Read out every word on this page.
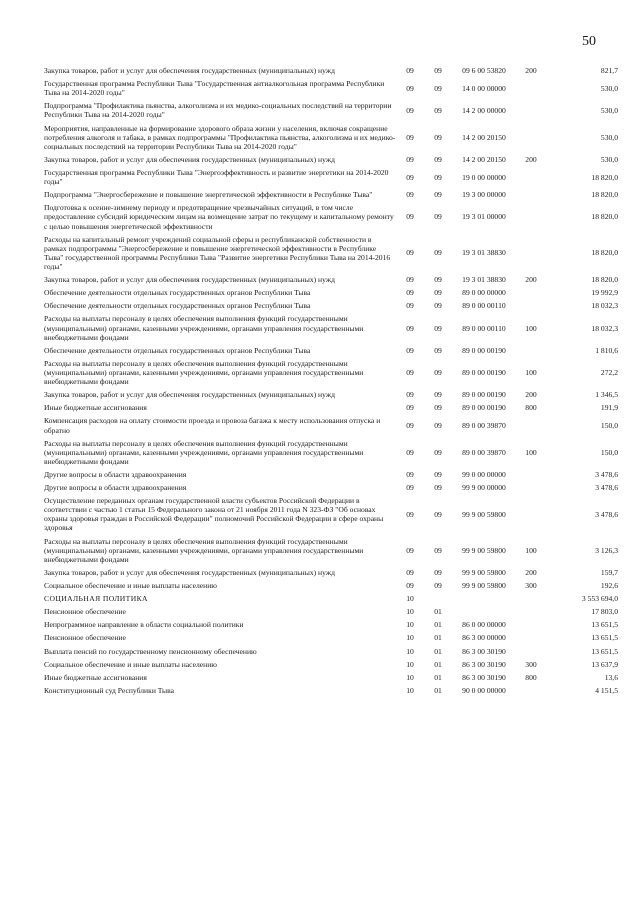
50
Закупка товаров, работ и услуг для обеспечения государственных (муниципальных) нужд	09	09	09 6 00 53820	200	821,7
Государственная программа Республики Тыва "Государственная антиалкогольная программа Республики Тыва на 2014-2020 годы"	09	09	14 0 00 00000		530,0
Подпрограмма "Профилактика пьянства, алкоголизма и их медико-социальных последствий на территории Республики Тыва на 2014-2020 годы"	09	09	14 2 00 00000		530,0
Мероприятия, направленные на формирование здорового образа жизни у населения, включая сокращение потребления алкоголя и табака, в рамках подпрограммы "Профилактика пьянства, алкоголизма и их медико-социальных последствий на территории Республики Тыва на 2014-2020 годы"	09	09	14 2 00 20150		530,0
Закупка товаров, работ и услуг для обеспечения государственных (муниципальных) нужд	09	09	14 2 00 20150	200	530,0
Государственная программа Республики Тыва "Энергоэффективность и развитие энергетики на 2014-2020 годы"	09	09	19 0 00 00000		18 820,0
Подпрограмма "Энергосбережение и повышение энергетической эффективности в Республике Тыва"	09	09	19 3 00 00000		18 820,0
Подготовка к осенне-зимнему периоду и предотвращение чрезвычайных ситуаций, в том числе предоставление субсидий юридическим лицам на возмещение затрат по текущему и капитальному ремонту с целью повышения энергетической эффективности	09	09	19 3 01 00000		18 820,0
Расходы на капитальный ремонт учреждений социальной сферы и республиканской собственности в рамках подпрограммы "Энергосбережение и повышение энергетической эффективности в Республике Тыва" государственной программы Республики Тыва "Развитие энергетики Республики Тыва на 2014-2016 годы"	09	09	19 3 01 38830		18 820,0
Закупка товаров, работ и услуг для обеспечения государственных (муниципальных) нужд	09	09	19 3 01 38830	200	18 820,0
Обеспечение деятельности отдельных государственных органов Республики Тыва	09	09	89 0 00 00000		19 992,9
Обеспечение деятельности отдельных государственных органов Республики Тыва	09	09	89 0 00 00110		18 032,3
Расходы на выплаты персоналу в целях обеспечения выполнения функций государственными (муниципальными) органами, казенными учреждениями, органами управления государственными внебюджетными фондами	09	09	89 0 00 00110	100	18 032,3
Обеспечение деятельности отдельных государственных органов Республики Тыва	09	09	89 0 00 00190		1 810,6
Расходы на выплаты персоналу в целях обеспечения выполнения функций государственными (муниципальными) органами, казенными учреждениями, органами управления государственными внебюджетными фондами	09	09	89 0 00 00190	100	272,2
Закупка товаров, работ и услуг для обеспечения государственных (муниципальных) нужд	09	09	89 0 00 00190	200	1 346,5
Иные бюджетные ассигнования	09	09	89 0 00 00190	800	191,9
Компенсация расходов на оплату стоимости проезда и провоза багажа к месту использования отпуска и обратно	09	09	89 0 00 39870		150,0
Расходы на выплаты персоналу в целях обеспечения выполнения функций государственными (муниципальными) органами, казенными учреждениями, органами управления государственными внебюджетными фондами	09	09	89 0 00 39870	100	150,0
Другие вопросы в области здравоохранения	09	09	99 0 00 00000		3 478,6
Другие вопросы в области здравоохранения	09	09	99 9 00 00000		3 478,6
Осуществление переданных органам государственной власти субъектов Российской Федерации в соответствии с частью 1 статьи 15 Федерального закона от 21 ноября 2011 года N 323-ФЗ "Об основах охраны здоровья граждан в Российской Федерации" полномочий Российской Федерации в сфере охраны здоровья	09	09	99 9 00 59800		3 478,6
Расходы на выплаты персоналу в целях обеспечения выполнения функций государственными (муниципальными) органами, казенными учреждениями, органами управления государственными внебюджетными фондами	09	09	99 9 00 59800	100	3 126,3
Закупка товаров, работ и услуг для обеспечения государственных (муниципальных) нужд	09	09	99 9 00 59800	200	159,7
Социальное обеспечение и иные выплаты населению	09	09	99 9 00 59800	300	192,6
СОЦИАЛЬНАЯ ПОЛИТИКА	10				3 553 694,0
Пенсионное обеспечение	10	01			17 803,0
Непрограммное направление в области социальной политики	10	01	86 0 00 00000		13 651,5
Пенсионное обеспечение	10	01	86 3 00 00000		13 651,5
Выплата пенсий по государственному пенсионному обеспечению	10	01	86 3 00 30190		13 651,5
Социальное обеспечение и иные выплаты населению	10	01	86 3 00 30190	300	13 637,9
Иные бюджетные ассигнования	10	01	86 3 00 30190	800	13,6
Конституционный суд Республики Тыва	10	01	90 0 00 00000		4 151,5
